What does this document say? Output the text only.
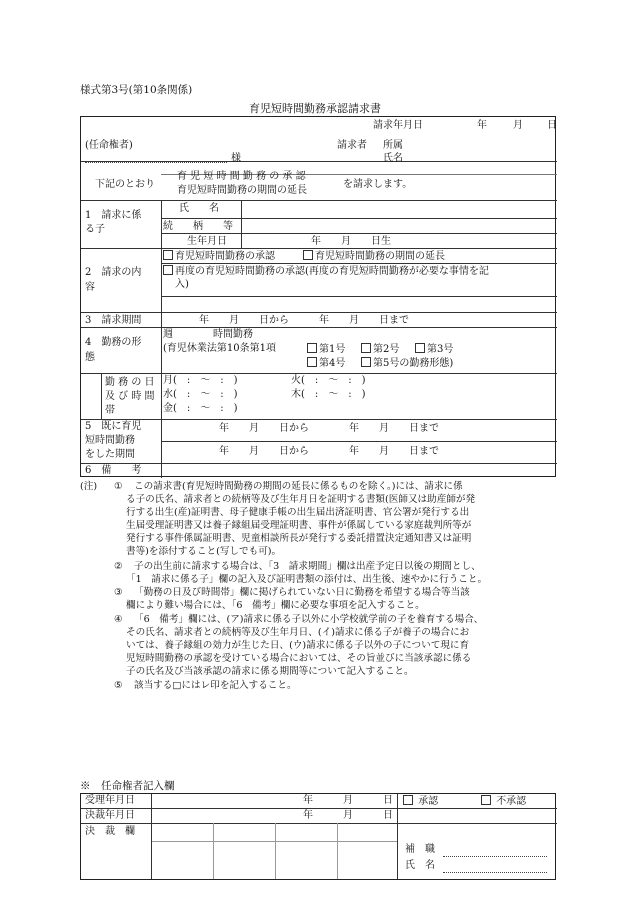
様式第3号(第10条関係)
育児短時間勤務承認請求書
請求年月日	年	月 日
(任命権者)	請求者 所属
様	氏名
下記のとおり
育 児 短 時 間 勤 務 の 承 認
育児短時間勤務の期間の延長
を請求します。
1　請求に係
る子
氏　　名
続　　柄　　等
生年月日	年　　月　　日生
2　請求の内
容
育児短時間勤務の承認	育児短時間勤務の期間の延長
再度の育児短時間勤務の承認(再度の育児短時間勤務が必要な事情を記
入)
3　請求期間	年　　月　　日から　　　年　　月　　日まで
4　勤務の形
態
週　　　　時間勤務
(育児休業法第10条第1項	第1号	第2号	第3号
第4号	第5号の勤務形態)
勤 務 の 日
及 び 時 間
帯
月(　:　～　:　)	火(　:　～　:　)
水(　:　～　:　)	木(　:　～　:　)
金(　:　～　:　)
5　既に育児
短時間勤務
をした期間
年　　月　　日から　　　　年　　月　　日まで
年　　月　　日から　　　　年　　月　　日まで
6　備　　考
(注) ① この請求書(育児短時間勤務の期間の延長に係るものを除く。)には、請求に係
る子の氏名、請求者との続柄等及び生年月日を証明する書類(医師又は助産師が発
行する出生(産)証明書、母子健康手帳の出生届出済証明書、官公署が発行する出
生届受理証明書又は養子縁組届受理証明書、事件が係属している家庭裁判所等が
発行する事件係属証明書、児童相談所長が発行する委託措置決定通知書又は証明
書等)を添付すること(写しでも可)。
② 子の出生前に請求する場合は、「3　請求期間」欄は出産予定日以後の期間とし、
「1　請求に係る子」欄の記入及び証明書類の添付は、出生後、速やかに行うこと。
③ 「勤務の日及び時間帯」欄に掲げられていない日に勤務を希望する場合等当該
欄により難い場合には、「6　備考」欄に必要な事項を記入すること。
④ 「6　備考」欄には、(ア)請求に係る子以外に小学校就学前の子を養育する場合、
その氏名、請求者との続柄等及び生年月日、(イ)請求に係る子が養子の場合にお
いては、養子縁組の効力が生じた日、(ウ)請求に係る子以外の子について現に育
児短時間勤務の承認を受けている場合においては、その旨並びに当該承認に係る
子の氏名及び当該承認の請求に係る期間等について記入すること。
⑤ 該当する□にはレ印を記入すること。
※　任命権者記入欄
受理年月日	年　　　月　　　日
決裁年月日	年　　　月　　　日
決　裁　欄
承認	不承認
補　職
氏　名
